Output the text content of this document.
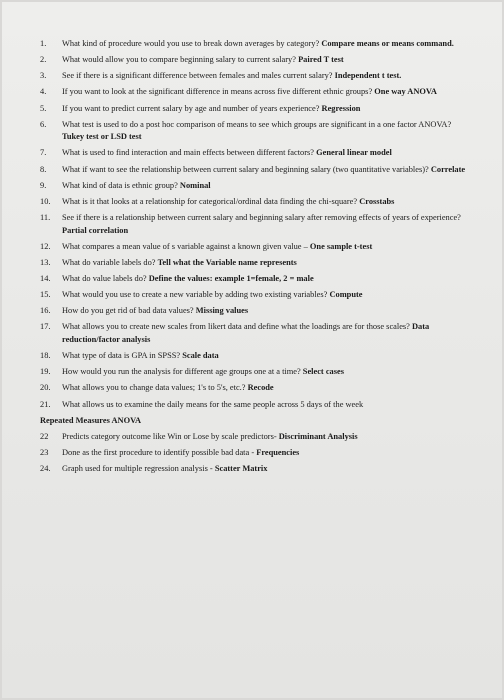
1.	What kind of procedure would you use to break down averages by category? Compare means or means command.
2.	What would allow you to compare beginning salary to current salary? Paired T test
3.	See if there is a significant difference between females and males current salary? Independent t test.
4.	If you want to look at the significant difference in means across five different ethnic groups? One way ANOVA
5.	If you want to predict current salary by age and number of years experience? Regression
6.	What test is used to do a post hoc comparison of means to see which groups are significant in a one factor ANOVA? Tukey test or LSD test
7.	What is used to find interaction and main effects between different factors? General linear model
8.	What if want to see the relationship between current salary and beginning salary (two quantitative variables)? Correlate
9.	What kind of data is ethnic group? Nominal
10.	What is it that looks at a relationship for categorical/ordinal data finding the chi-square? Crosstabs
11.	See if there is a relationship between current salary and beginning salary after removing effects of years of experience? Partial correlation
12.	What compares a mean value of s variable against a known given value – One sample t-test
13.	What do variable labels do? Tell what the Variable name represents
14.	What do value labels do? Define the values: example 1=female, 2 = male
15.	What would you use to create a new variable by adding two existing variables? Compute
16.	How do you get rid of bad data values? Missing values
17.	What allows you to create new scales from likert data and define what the loadings are for those scales? Data reduction/factor analysis
18.	What type of data is GPA in SPSS? Scale data
19.	How would you run the analysis for different age groups one at a time? Select cases
20.	What allows you to change data values; 1's to 5's, etc.? Recode
21.	What allows us to examine the daily means for the same people across 5 days of the week
Repeated Measures ANOVA
22	Predicts category outcome like Win or Lose by scale predictors- Discriminant Analysis
23	Done as the first procedure to identify possible bad data - Frequencies
24.	Graph used for multiple regression analysis - Scatter Matrix
